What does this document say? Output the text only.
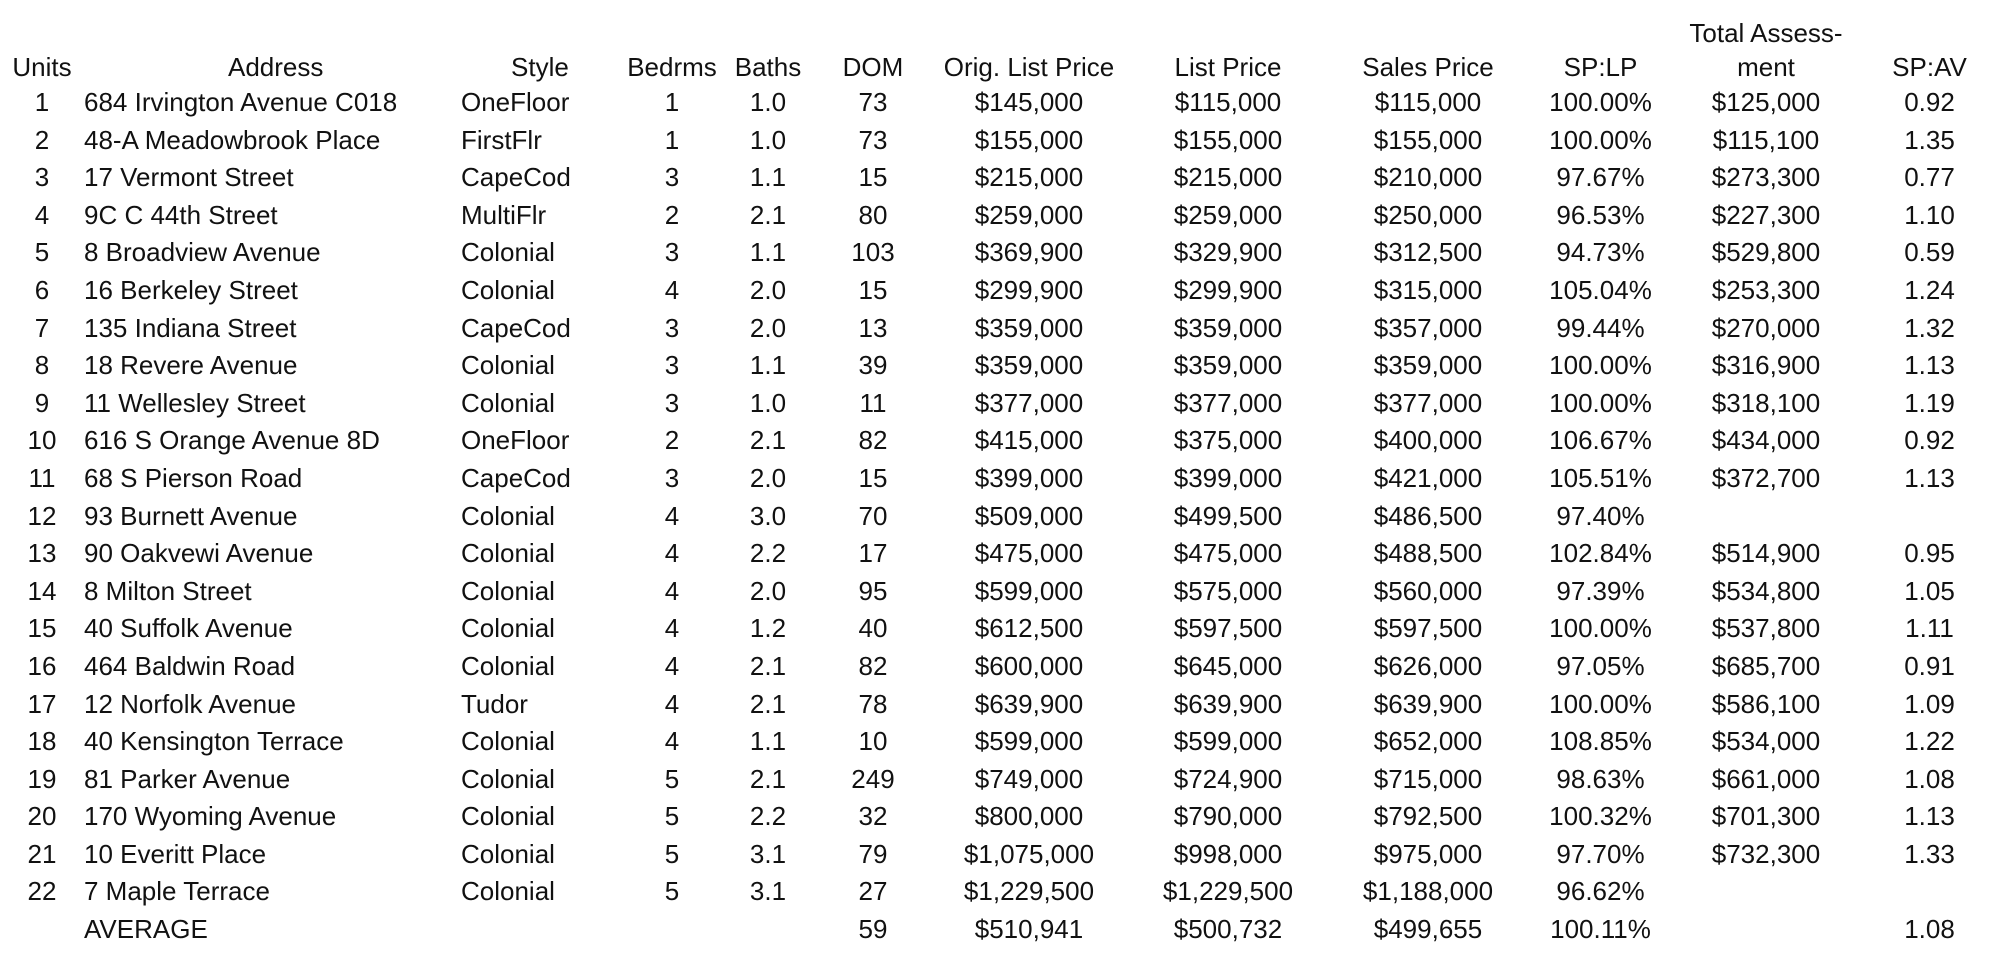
Units	Address	Style	Bedrms	Baths	DOM	Orig. List Price	List Price	Sales Price	SP:LP	Total Assess-
ment	SP:AV
1	684 Irvington Avenue C018	OneFloor	1	1.0	73	$145,000	$115,000	$115,000	100.00%	$125,000	0.92
2	48-A Meadowbrook Place	FirstFlr	1	1.0	73	$155,000	$155,000	$155,000	100.00%	$115,100	1.35
3	17 Vermont Street	CapeCod	3	1.1	15	$215,000	$215,000	$210,000	97.67%	$273,300	0.77
4	9C C 44th Street	MultiFlr	2	2.1	80	$259,000	$259,000	$250,000	96.53%	$227,300	1.10
5	8 Broadview Avenue	Colonial	3	1.1	103	$369,900	$329,900	$312,500	94.73%	$529,800	0.59
6	16 Berkeley Street	Colonial	4	2.0	15	$299,900	$299,900	$315,000	105.04%	$253,300	1.24
7	135 Indiana Street	CapeCod	3	2.0	13	$359,000	$359,000	$357,000	99.44%	$270,000	1.32
8	18 Revere Avenue	Colonial	3	1.1	39	$359,000	$359,000	$359,000	100.00%	$316,900	1.13
9	11 Wellesley Street	Colonial	3	1.0	11	$377,000	$377,000	$377,000	100.00%	$318,100	1.19
10	616 S Orange Avenue 8D	OneFloor	2	2.1	82	$415,000	$375,000	$400,000	106.67%	$434,000	0.92
11	68 S Pierson Road	CapeCod	3	2.0	15	$399,000	$399,000	$421,000	105.51%	$372,700	1.13
12	93 Burnett Avenue	Colonial	4	3.0	70	$509,000	$499,500	$486,500	97.40%		
13	90 Oakvewi Avenue	Colonial	4	2.2	17	$475,000	$475,000	$488,500	102.84%	$514,900	0.95
14	8 Milton Street	Colonial	4	2.0	95	$599,000	$575,000	$560,000	97.39%	$534,800	1.05
15	40 Suffolk Avenue	Colonial	4	1.2	40	$612,500	$597,500	$597,500	100.00%	$537,800	1.11
16	464 Baldwin Road	Colonial	4	2.1	82	$600,000	$645,000	$626,000	97.05%	$685,700	0.91
17	12 Norfolk Avenue	Tudor	4	2.1	78	$639,900	$639,900	$639,900	100.00%	$586,100	1.09
18	40 Kensington Terrace	Colonial	4	1.1	10	$599,000	$599,000	$652,000	108.85%	$534,000	1.22
19	81 Parker Avenue	Colonial	5	2.1	249	$749,000	$724,900	$715,000	98.63%	$661,000	1.08
20	170 Wyoming Avenue	Colonial	5	2.2	32	$800,000	$790,000	$792,500	100.32%	$701,300	1.13
21	10 Everitt Place	Colonial	5	3.1	79	$1,075,000	$998,000	$975,000	97.70%	$732,300	1.33
22	7 Maple Terrace	Colonial	5	3.1	27	$1,229,500	$1,229,500	$1,188,000	96.62%		
	AVERAGE				59	$510,941	$500,732	$499,655	100.11%		1.08
